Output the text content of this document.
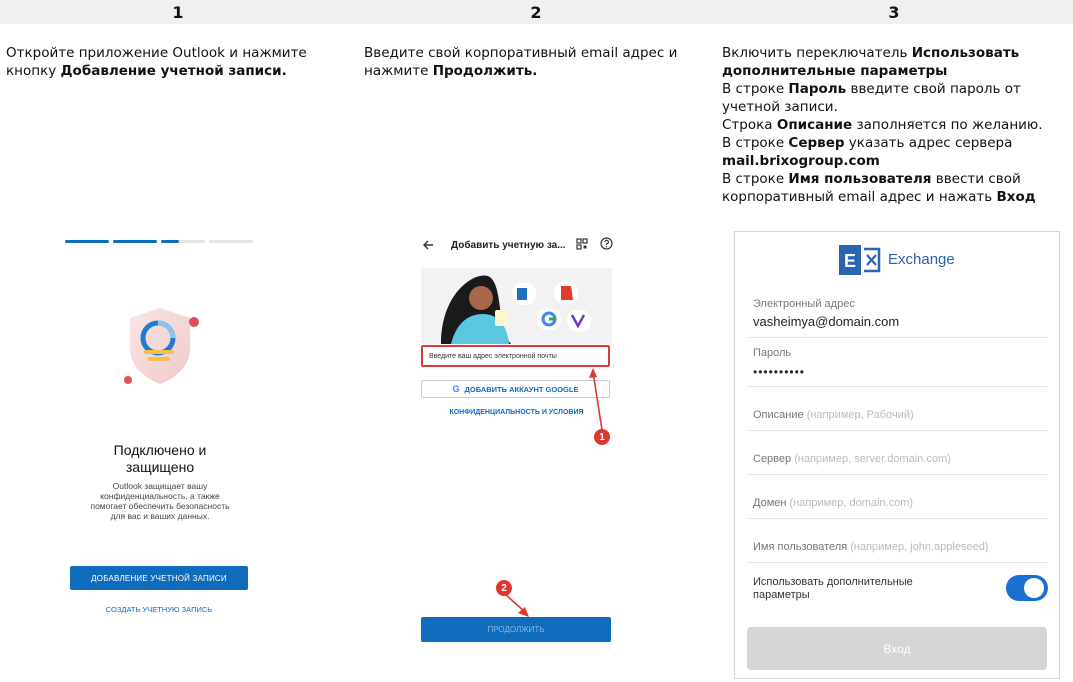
1	2	3
Откройте приложение Outlook и нажмите
кнопку Добавление учетной записи.
Введите свой корпоративный email адрес и
нажмите Продолжить.
Включить переключатель Использовать
дополнительные параметры
В строке Пароль введите свой пароль от
учетной записи.
Строка Описание заполняется по желанию.
В строке Сервер указать адрес сервера
mail.brixogroup.com
В строке Имя пользователя ввести свой
корпоративный email адрес и нажать Вход
Подключено и
защищено
Outlook защищает вашу
конфиденциальность, а также
помогает обеспечить безопасность
для вас и ваших данных.
ДОБАВЛЕНИЕ УЧЕТНОЙ ЗАПИСИ
СОЗДАТЬ УЧЕТНУЮ ЗАПИСЬ
Добавить учетную за...
Введите ваш адрес электронной почты
G ДОБАВИТЬ АККАУНТ GOOGLE
КОНФИДЕНЦИАЛЬНОСТЬ И УСЛОВИЯ
1
2
ПРОДОЛЖИТЬ
E Exchange
Электронный адрес
vasheimya@domain.com
Пароль
••••••••••
Описание (например, Рабочий)
Сервер (например, server.domain.com)
Домен (например, domain.com)
Имя пользователя (например, john.appleseed)
Использовать дополнительные
параметры
Вход
